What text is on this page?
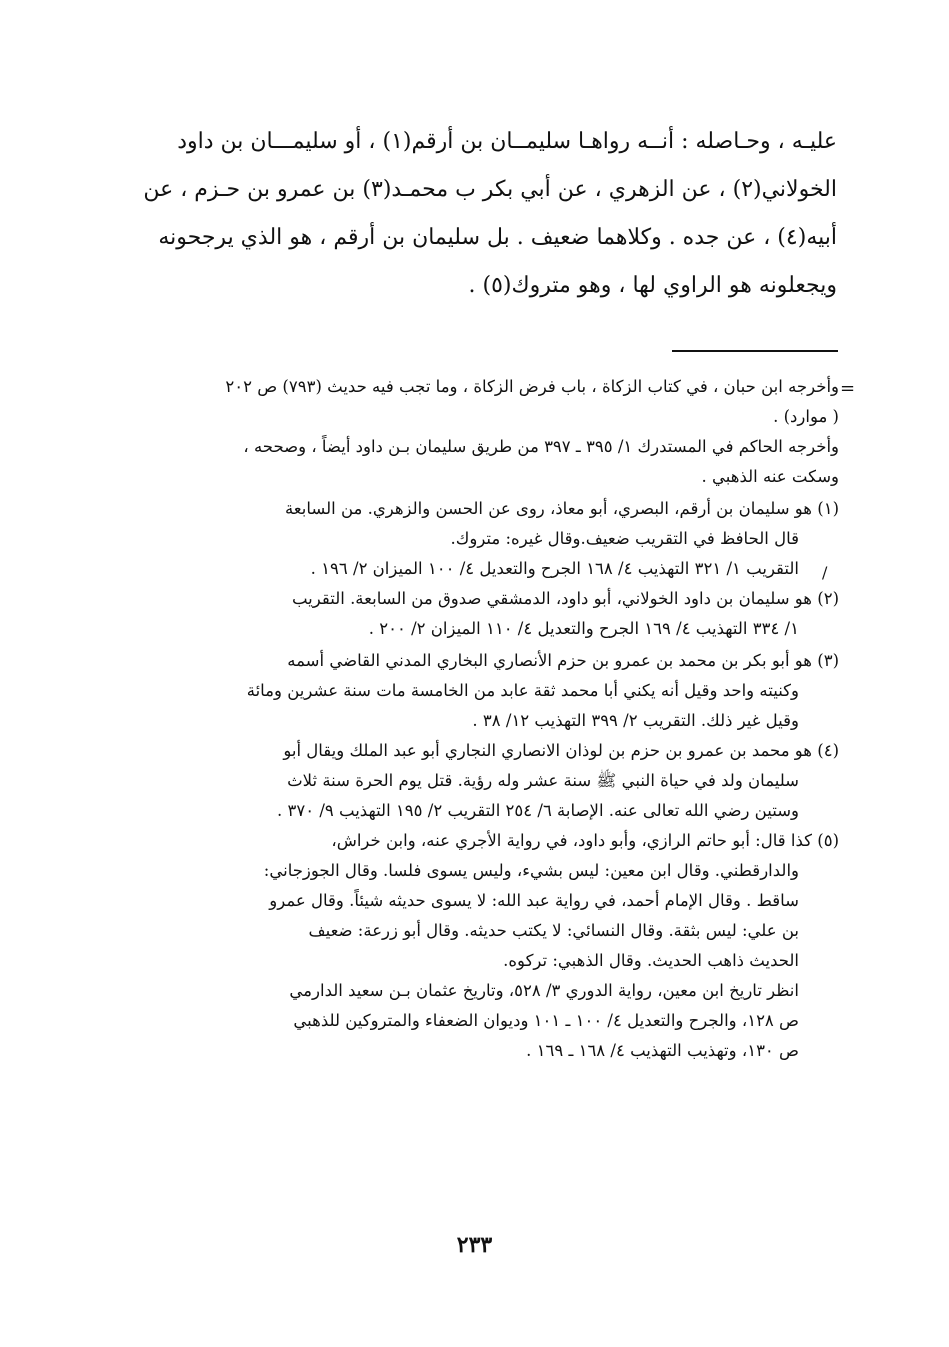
عليـه ، وحـاصله : أنــه رواهـا سليمــان بن أرقم(١) ، أو سليمـــان بن داود
الخولاني(٢) ، عن الزهري ، عن أبي بكر ب محمـد(٣) بن عمرو بن حـزم ، عن
أبيه(٤) ، عن جده . وكلاهما ضعيف . بل سليمان بن أرقم ، هو الذي يرجحونه
ويجعلونه هو الراوي لها ، وهو متروك(٥) .
=
/
وأخرجه ابن حبان ، في كتاب الزكاة ، باب فرض الزكاة ، وما تجب فيه حديث (٧٩٣) ص ٢٠٢
( موارد) .
وأخرجه الحاكم في المستدرك ١/ ٣٩٥ ـ ٣٩٧ من طريق سليمان بـن داود أيضاً ، وصححه ،
وسكت عنه الذهبي .
(١) هو سليمان بن أرقم، البصري، أبو معاذ، روى عن الحسن والزهري. من السابعة
قال الحافظ في التقريب ضعيف.وقال غيره: متروك.
التقريب ١/ ٣٢١ التهذيب ٤/ ١٦٨ الجرح والتعديل ٤/ ١٠٠ الميزان ٢/ ١٩٦ .
(٢) هو سليمان بن داود الخولاني، أبو داود، الدمشقي صدوق من السابعة. التقريب
١/ ٣٣٤ التهذيب ٤/ ١٦٩ الجرح والتعديل ٤/ ١١٠ الميزان ٢/ ٢٠٠ .
(٣) هو أبو بكر بن محمد بن عمرو بن حزم الأنصاري البخاري المدني القاضي أسمه
وكنيته واحد وقيل أنه يكني أبا محمد ثقة عابد من الخامسة مات سنة عشرين ومائة
وقيل غير ذلك. التقريب ٢/ ٣٩٩ التهذيب ١٢/ ٣٨ .
(٤) هو محمد بن عمرو بن حزم بن لوذان الانصاري النجاري أبو عبد الملك ويقال أبو
سليمان ولد في حياة النبي ﷺ سنة عشر وله رؤية. قتل يوم الحرة سنة ثلاث
وستين رضي الله تعالى عنه. الإصابة ٦/ ٢٥٤ التقريب ٢/ ١٩٥ التهذيب ٩/ ٣٧٠ .
(٥) كذا قال: أبو حاتم الرازي، وأبو داود، في رواية الأجري عنه، وابن خراش،
والدارقطني. وقال ابن معين: ليس بشيء، وليس يسوى فلسا. وقال الجوزجاني:
ساقط . وقال الإمام أحمد، في رواية عبد الله: لا يسوى حديثه شيئاً. وقال عمرو
بن علي: ليس بثقة. وقال النسائي: لا يكتب حديثه. وقال أبو زرعة: ضعيف
الحديث ذاهب الحديث. وقال الذهبي: تركوه.
انظر تاريخ ابن معين، رواية الدوري ٣/ ٥٢٨، وتاريخ عثمان بـن سعيد الدارمي
ص ١٢٨، والجرح والتعديل ٤/ ١٠٠ ـ ١٠١ وديوان الضعفاء والمتروكين للذهبي
ص ١٣٠، وتهذيب التهذيب ٤/ ١٦٨ ـ ١٦٩ .
٢٣٣
